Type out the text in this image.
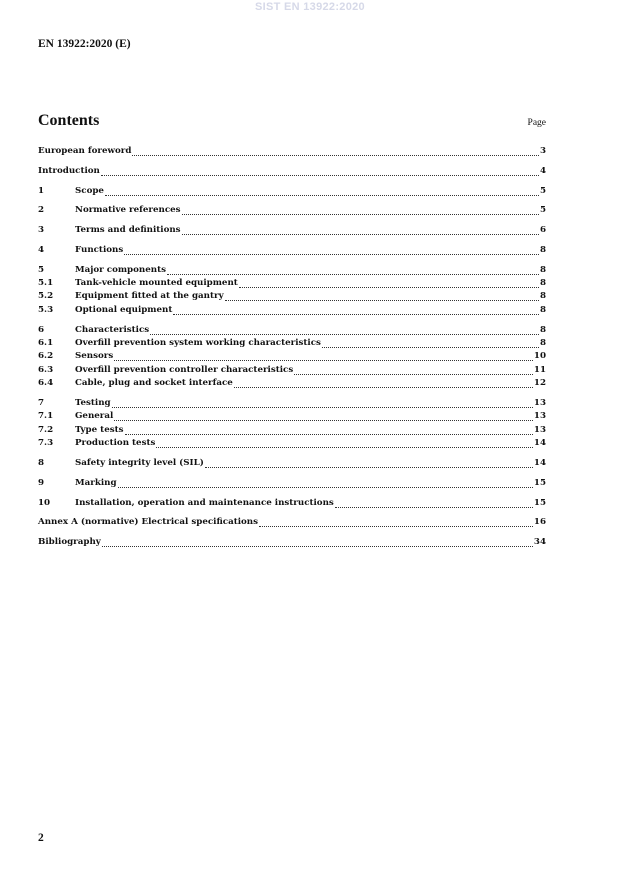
SIST EN 13922:2020
EN 13922:2020 (E)
Contents	Page
European foreword	3
Introduction	4
1	Scope	5
2	Normative references	5
3	Terms and definitions	6
4	Functions	8
5	Major components	8
5.1	Tank-vehicle mounted equipment	8
5.2	Equipment fitted at the gantry	8
5.3	Optional equipment	8
6	Characteristics	8
6.1	Overfill prevention system working characteristics	8
6.2	Sensors	10
6.3	Overfill prevention controller characteristics	11
6.4	Cable, plug and socket interface	12
7	Testing	13
7.1	General	13
7.2	Type tests	13
7.3	Production tests	14
8	Safety integrity level (SIL)	14
9	Marking	15
10	Installation, operation and maintenance instructions	15
Annex A (normative) Electrical specifications	16
Bibliography	34
2
